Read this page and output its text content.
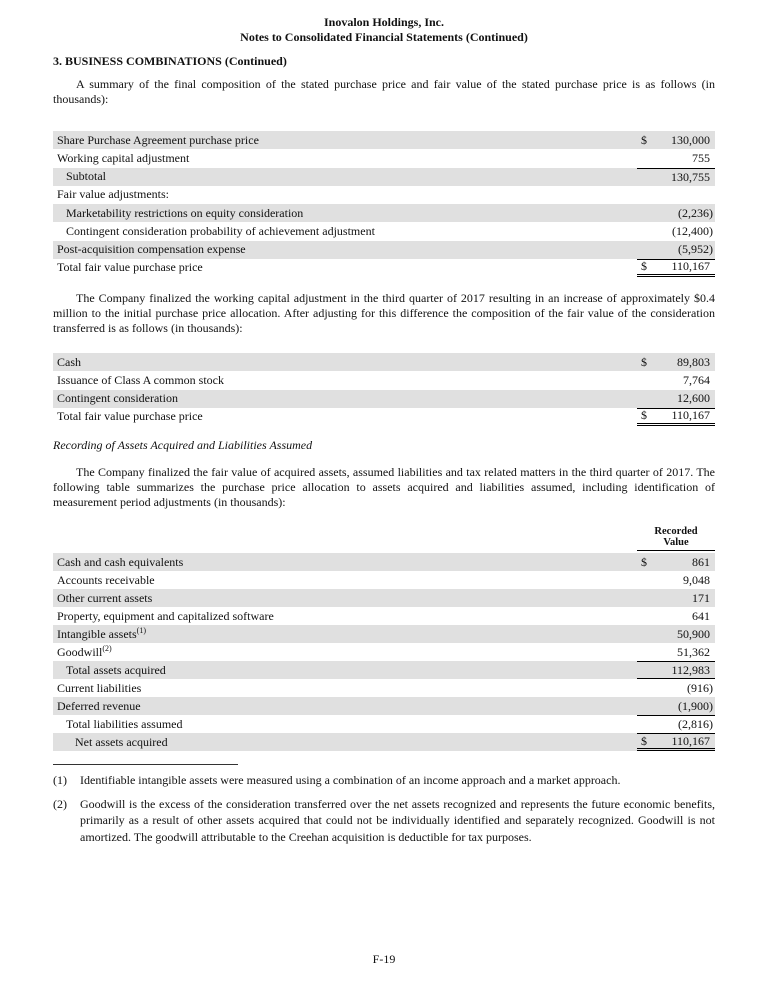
Inovalon Holdings, Inc.
Notes to Consolidated Financial Statements (Continued)
3. BUSINESS COMBINATIONS (Continued)
A summary of the final composition of the stated purchase price and fair value of the stated purchase price is as follows (in thousands):
Share Purchase Agreement purchase price	$ 130,000
Working capital adjustment	755
Subtotal	130,755
Fair value adjustments:
Marketability restrictions on equity consideration	(2,236)
Contingent consideration probability of achievement adjustment	(12,400)
Post-acquisition compensation expense	(5,952)
Total fair value purchase price	$ 110,167
The Company finalized the working capital adjustment in the third quarter of 2017 resulting in an increase of approximately $0.4 million to the initial purchase price allocation. After adjusting for this difference the composition of the fair value of the consideration transferred is as follows (in thousands):
Cash	$	89,803
Issuance of Class A common stock	7,764
Contingent consideration	12,600
Total fair value purchase price	$ 110,167
Recording of Assets Acquired and Liabilities Assumed
The Company finalized the fair value of acquired assets, assumed liabilities and tax related matters in the third quarter of 2017. The following table summarizes the purchase price allocation to assets acquired and liabilities assumed, including identification of measurement period adjustments (in thousands):
Recorded
Value
Cash and cash equivalents	$	861
Accounts receivable	9,048
Other current assets	171
Property, equipment and capitalized software	641
Intangible assets$^{(1)}$	50,900
Goodwill$^{(2)}$	51,362
Total assets acquired	112,983
Current liabilities	(916)
Deferred revenue	(1,900)
Total liabilities assumed	(2,816)
Net assets acquired	$ 110,167
(1)	Identifiable intangible assets were measured using a combination of an income approach and a market approach.
(2)	Goodwill is the excess of the consideration transferred over the net assets recognized and represents the future economic benefits, primarily as a result of other assets acquired that could not be individually identified and separately recognized. Goodwill is not amortized. The goodwill attributable to the Creehan acquisition is deductible for tax purposes.
F-19
